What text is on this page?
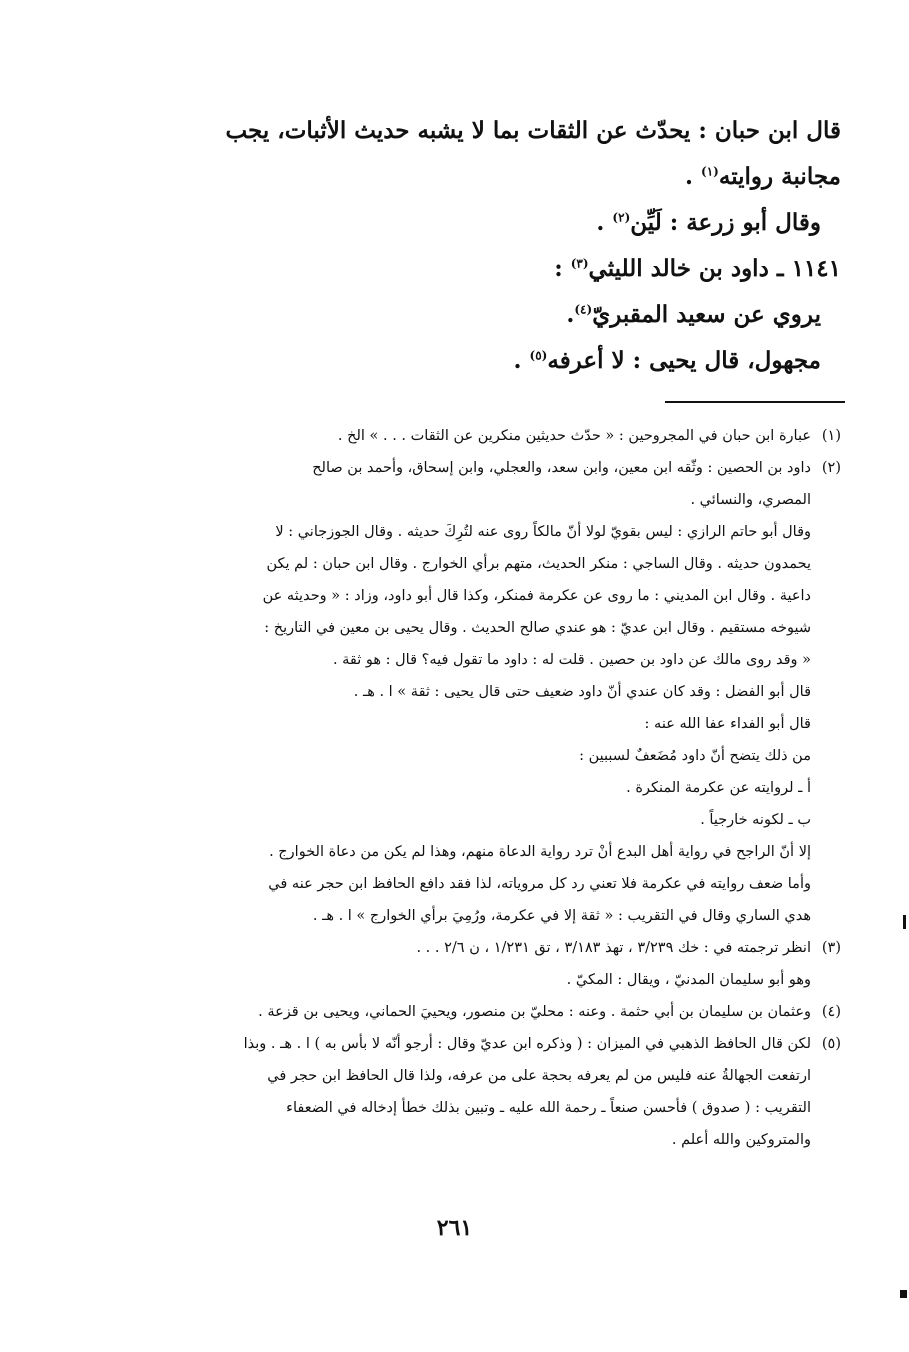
قال ابن حبان : يحدّث عن الثقات بما لا يشبه حديث الأثبات، يجب
مجانبة روايته$^{(١)}$ .

وقال أبو زرعة : لَيِّن$^{(٢)}$ .

١١٤١ ـ داود بن خالد الليثي$^{(٣)}$ :

يروي عن سعيد المقبريّ$^{(٤)}$.

مجهول، قال يحيى : لا أعرفه$^{(٥)}$ .

(١)
عبارة ابن حبان في المجروحين : « حدّث حديثين منكرين عن الثقات . . . » الخ .
(٢)
داود بن الحصين : وثّقه ابن معين، وابن سعد، والعجلي، وابن إسحاق، وأحمد بن صالح
المصري، والنسائي .
وقال أبو حاتم الرازي : ليس بقويّ لولا أنّ مالكاً روى عنه لتُرِكَ حديثه . وقال الجوزجاني : لا
يحمدون حديثه . وقال الساجي : منكر الحديث، متهم برأي الخوارج . وقال ابن حبان : لم يكن
داعية . وقال ابن المديني : ما روى عن عكرمة فمنكر، وكذا قال أبو داود، وزاد : « وحديثه عن
شيوخه مستقيم . وقال ابن عديّ : هو عندي صالح الحديث . وقال يحيى بن معين في التاريخ :
« وقد روى مالك عن داود بن حصين . قلت له : داود ما تقول فيه؟ قال : هو ثقة .
قال أبو الفضل : وقد كان عندي أنّ داود ضعيف حتى قال يحيى : ثقة » ا . هـ .
قال أبو الفداء عفا الله عنه :
من ذلك يتضح أنّ داود مُضَعفٌ لسببين :
أ ـ لروايته عن عكرمة المنكرة .
ب ـ لكونه خارجياً .
إلا أنّ الراجح في رواية أهل البدع أنْ ترد رواية الدعاة منهم، وهذا لم يكن من دعاة الخوارج .
وأما ضعف روايته في عكرمة فلا تعني رد كل مروياته، لذا فقد دافع الحافظ ابن حجر عنه في
هدي الساري وقال في التقريب : « ثقة إلا في عكرمة، ورُمِيَ برأي الخوارج » ا . هـ .
(٣)
انظر ترجمته في : خك ٣/٢٣٩ ، تهذ ٣/١٨٣ ، تق ١/٢٣١ ، ن ٢/٦ . . .
وهو أبو سليمان المدنيّ ، ويقال : المكيّ .
(٤)
وعثمان بن سليمان بن أبي حثمة . وعنه : محليّ بن منصور، ويحييَ الحماني، ويحيى بن قزعة .
(٥)
لكن قال الحافظ الذهبي في الميزان : ( وذكره ابن عديّ وقال : أرجو أنّه لا بأس به ) ا . هـ . وبذا
ارتفعت الجهالةُ عنه فليس من لم يعرفه بحجة على من عرفه، ولذا قال الحافظ ابن حجر في
التقريب : ( صدوق ) فأحسن صنعاً ـ رحمة الله عليه ـ وتبين بذلك خطأ إدخاله في الضعفاء
والمتروكين والله أعلم .
٢٦١
